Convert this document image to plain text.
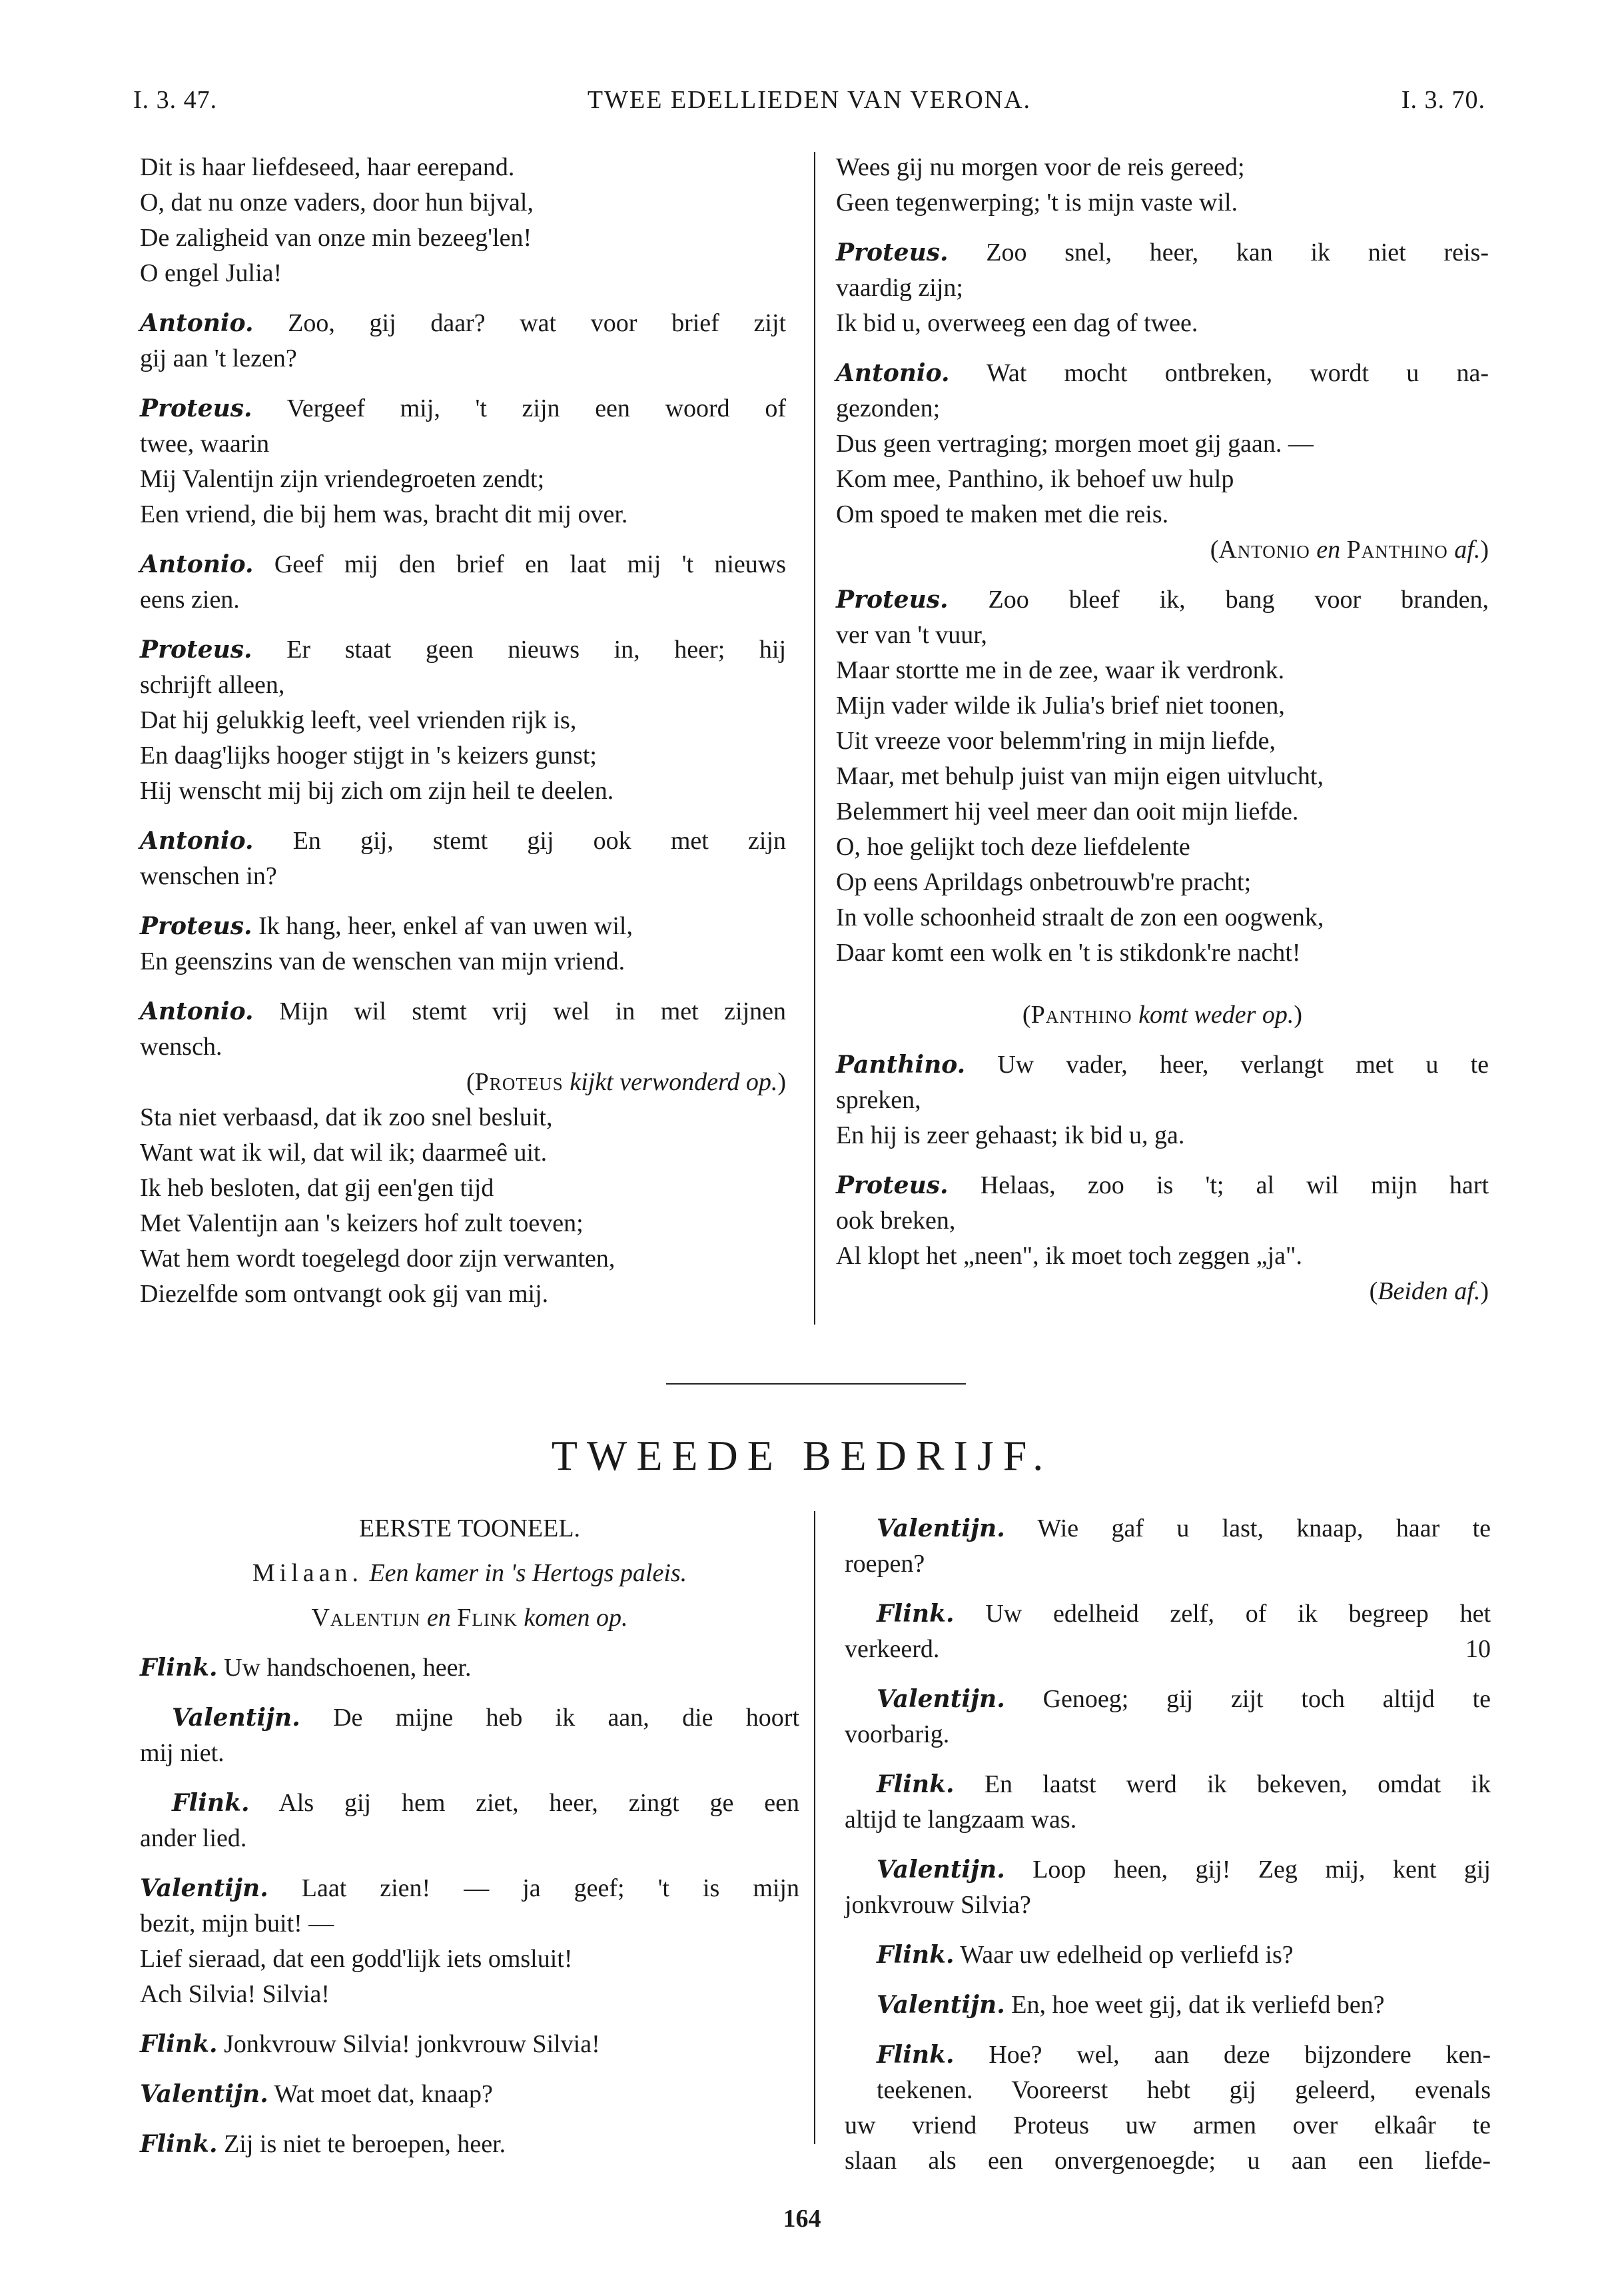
I. 3. 47.	TWEE EDELLIEDEN VAN VERONA.	I. 3. 70.

Dit is haar liefdeseed, haar eerepand.

O, dat nu onze vaders, door hun bijval,

De zaligheid van onze min bezeeg'len!

O engel Julia!

Antonio. Zoo, gij daar? wat voor brief zijt
gij aan 't lezen?
Proteus. Vergeef mij, 't zijn een woord of
twee, waarin

Mij Valentijn zijn vriendegroeten zendt;

Een vriend, die bij hem was, bracht dit mij over.

Antonio. Geef mij den brief en laat mij 't nieuws
eens zien.
Proteus. Er staat geen nieuws in, heer; hij
schrijft alleen,

Dat hij gelukkig leeft, veel vrienden rijk is,

En daag'lijks hooger stijgt in 's keizers gunst;

Hij wenscht mij bij zich om zijn heil te deelen.

Antonio. En gij, stemt gij ook met zijn
wenschen in?
Proteus. Ik hang, heer, enkel af van uwen wil,

En geenszins van de wenschen van mijn vriend.

Antonio. Mijn wil stemt vrij wel in met zijnen
wensch.

(Proteus kijkt verwonderd op.)

Sta niet verbaasd, dat ik zoo snel besluit,

Want wat ik wil, dat wil ik; daarmeê uit.

Ik heb besloten, dat gij een'gen tijd

Met Valentijn aan 's keizers hof zult toeven;

Wat hem wordt toegelegd door zijn verwanten,

Diezelfde som ontvangt ook gij van mij.

Wees gij nu morgen voor de reis gereed;

Geen tegenwerping; 't is mijn vaste wil.

Proteus. Zoo snel, heer, kan ik niet reis-
vaardig zijn;

Ik bid u, overweeg een dag of twee.

Antonio. Wat mocht ontbreken, wordt u na-
gezonden;

Dus geen vertraging; morgen moet gij gaan. —

Kom mee, Panthino, ik behoef uw hulp

Om spoed te maken met die reis.

(Antonio en Panthino af.)

Proteus. Zoo bleef ik, bang voor branden,
ver van 't vuur,

Maar stortte me in de zee, waar ik verdronk.

Mijn vader wilde ik Julia's brief niet toonen,

Uit vreeze voor belemm'ring in mijn liefde,

Maar, met behulp juist van mijn eigen uitvlucht,

Belemmert hij veel meer dan ooit mijn liefde.

O, hoe gelijkt toch deze liefdelente

Op eens Aprildags onbetrouwb're pracht;

In volle schoonheid straalt de zon een oogwenk,

Daar komt een wolk en 't is stikdonk're nacht!

(Panthino komt weder op.)

Panthino. Uw vader, heer, verlangt met u te
spreken,

En hij is zeer gehaast; ik bid u, ga.

Proteus. Helaas, zoo is 't; al wil mijn hart
ook breken,

Al klopt het „neen", ik moet toch zeggen „ja".

(Beiden af.)

TWEEDE BEDRIJF.

EERSTE TOONEEL.

Milaan. Een kamer in 's Hertogs paleis.

Valentijn en Flink komen op.

Flink. Uw handschoenen, heer.
Valentijn. De mijne heb ik aan, die hoort
mij niet.
Flink. Als gij hem ziet, heer, zingt ge een
ander lied.
Valentijn. Laat zien! — ja geef; 't is mijn
bezit, mijn buit! —

Lief sieraad, dat een godd'lijk iets omsluit!

Ach Silvia! Silvia!

Flink. Jonkvrouw Silvia! jonkvrouw Silvia!
Valentijn. Wat moet dat, knaap?
Flink. Zij is niet te beroepen, heer.
Valentijn. Wie gaf u last, knaap, haar te
roepen?
Flink. Uw edelheid zelf, of ik begreep het
verkeerd.	10
Valentijn. Genoeg; gij zijt toch altijd te
voorbarig.
Flink. En laatst werd ik bekeven, omdat ik
altijd te langzaam was.
Valentijn. Loop heen, gij! Zeg mij, kent gij
jonkvrouw Silvia?
Flink. Waar uw edelheid op verliefd is?
Valentijn. En, hoe weet gij, dat ik verliefd ben?
Flink. Hoe? wel, aan deze bijzondere ken-
teekenen. Vooreerst hebt gij geleerd, evenals
uw vriend Proteus uw armen over elkaâr te
slaan als een onvergenoegde; u aan een liefde-
164
